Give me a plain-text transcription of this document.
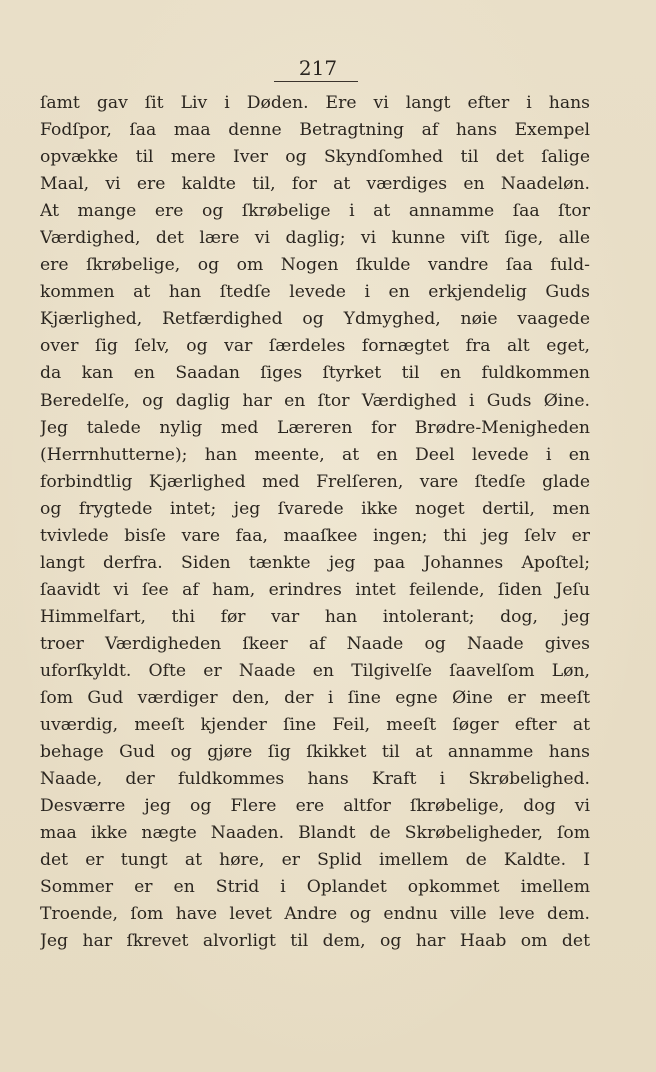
217

ſamt gav ſit Liv i Døden. Ere vi langt efter i hans
Fodſpor, ſaa maa denne Betragtning af hans Exempel
opvække til mere Iver og Skyndſomhed til det ſalige
Maal, vi ere kaldte til, for at værdiges en Naadeløn.
At mange ere og ſkrøbelige i at annamme ſaa ſtor
Værdighed, det lære vi daglig; vi kunne viſt ſige, alle
ere ſkrøbelige, og om Nogen ſkulde vandre ſaa fuld-
kommen at han ſtedſe levede i en erkjendelig Guds
Kjærlighed, Retfærdighed og Ydmyghed, nøie vaagede
over ſig ſelv, og var ſærdeles fornægtet fra alt eget,
da kan en Saadan ſiges ſtyrket til en fuldkommen
Beredelſe, og daglig har en ſtor Værdighed i Guds Øine.
Jeg talede nylig med Læreren for Brødre-Menigheden
(Herrnhutterne); han meente, at en Deel levede i en
forbindtlig Kjærlighed med Frelſeren, vare ſtedſe glade
og frygtede intet; jeg ſvarede ikke noget dertil, men
tvivlede bisſe vare faa, maaſkee ingen; thi jeg ſelv er
langt derfra. Siden tænkte jeg paa Johannes Apoſtel;
ſaavidt vi ſee af ham, erindres intet feilende, ſiden Jeſu
Himmelfart, thi før var han intolerant; dog, jeg
troer Værdigheden ſkeer af Naade og Naade gives
uforſkyldt. Ofte er Naade en Tilgivelſe ſaavelſom Løn,
ſom Gud værdiger den, der i ſine egne Øine er meeſt
uværdig, meeſt kjender ſine Feil, meeſt ſøger efter at
behage Gud og gjøre ſig ſkikket til at annamme hans
Naade, der fuldkommes hans Kraft i Skrøbelighed.
Desværre jeg og Flere ere altfor ſkrøbelige, dog vi
maa ikke nægte Naaden. Blandt de Skrøbeligheder, ſom
det er tungt at høre, er Splid imellem de Kaldte. I
Sommer er en Strid i Oplandet opkommet imellem
Troende, ſom have levet Andre og endnu ville leve dem.
Jeg har ſkrevet alvorligt til dem, og har Haab om det
